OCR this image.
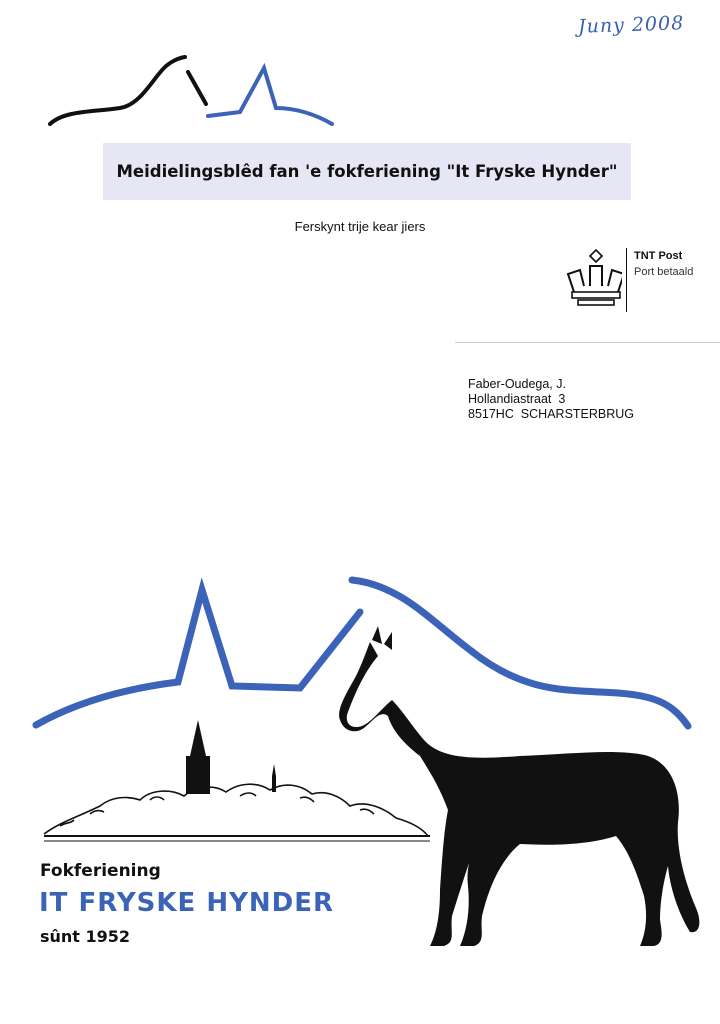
Juny 2008
Meidielingsblêd fan 'e fokferiening "It Fryske Hynder"
Ferskynt trije kear jiers
TNT Post
Port betaald
Faber-Oudega, J.
Hollandiastraat  3
8517HC  SCHARSTERBRUG
Fokferiening
IT FRYSKE HYNDER
sûnt 1952
